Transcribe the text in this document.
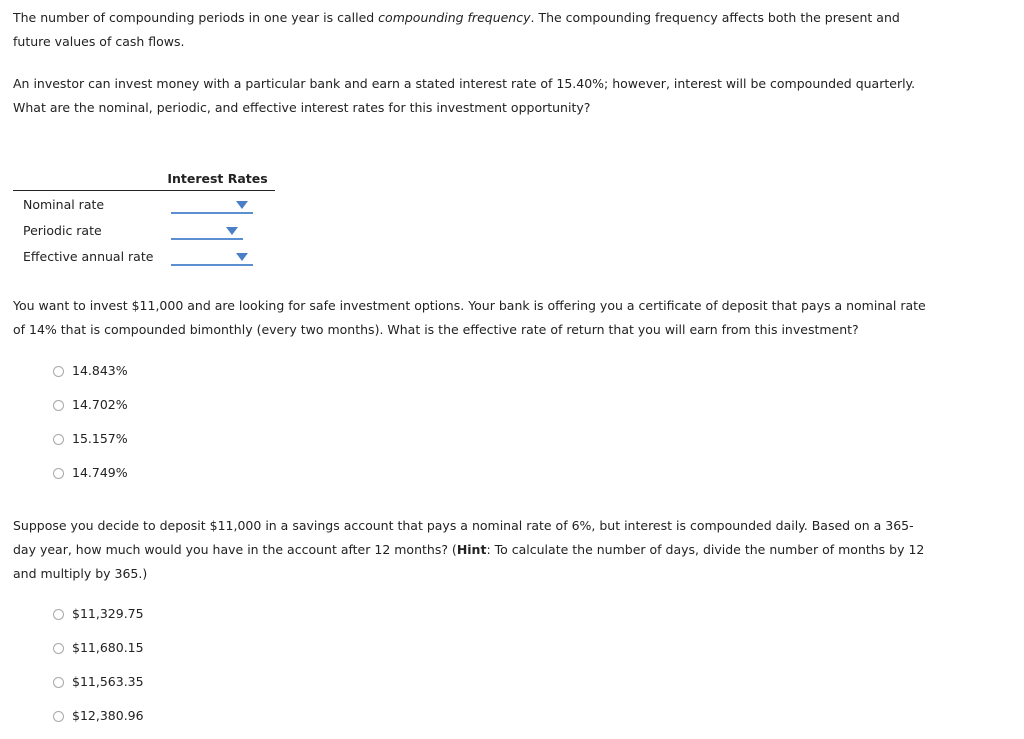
The number of compounding periods in one year is called compounding frequency. The compounding frequency affects both the present and future values of cash flows.

An investor can invest money with a particular bank and earn a stated interest rate of 15.40%; however, interest will be compounded quarterly. What are the nominal, periodic, and effective interest rates for this investment opportunity?

Interest Rates
Nominal rate
Periodic rate
Effective annual rate

You want to invest $11,000 and are looking for safe investment options. Your bank is offering you a certificate of deposit that pays a nominal rate of 14% that is compounded bimonthly (every two months). What is the effective rate of return that you will earn from this investment?

14.843%
14.702%
15.157%
14.749%

Suppose you decide to deposit $11,000 in a savings account that pays a nominal rate of 6%, but interest is compounded daily. Based on a 365-day year, how much would you have in the account after 12 months? (Hint: To calculate the number of days, divide the number of months by 12 and multiply by 365.)

$11,329.75
$11,680.15
$11,563.35
$12,380.96
